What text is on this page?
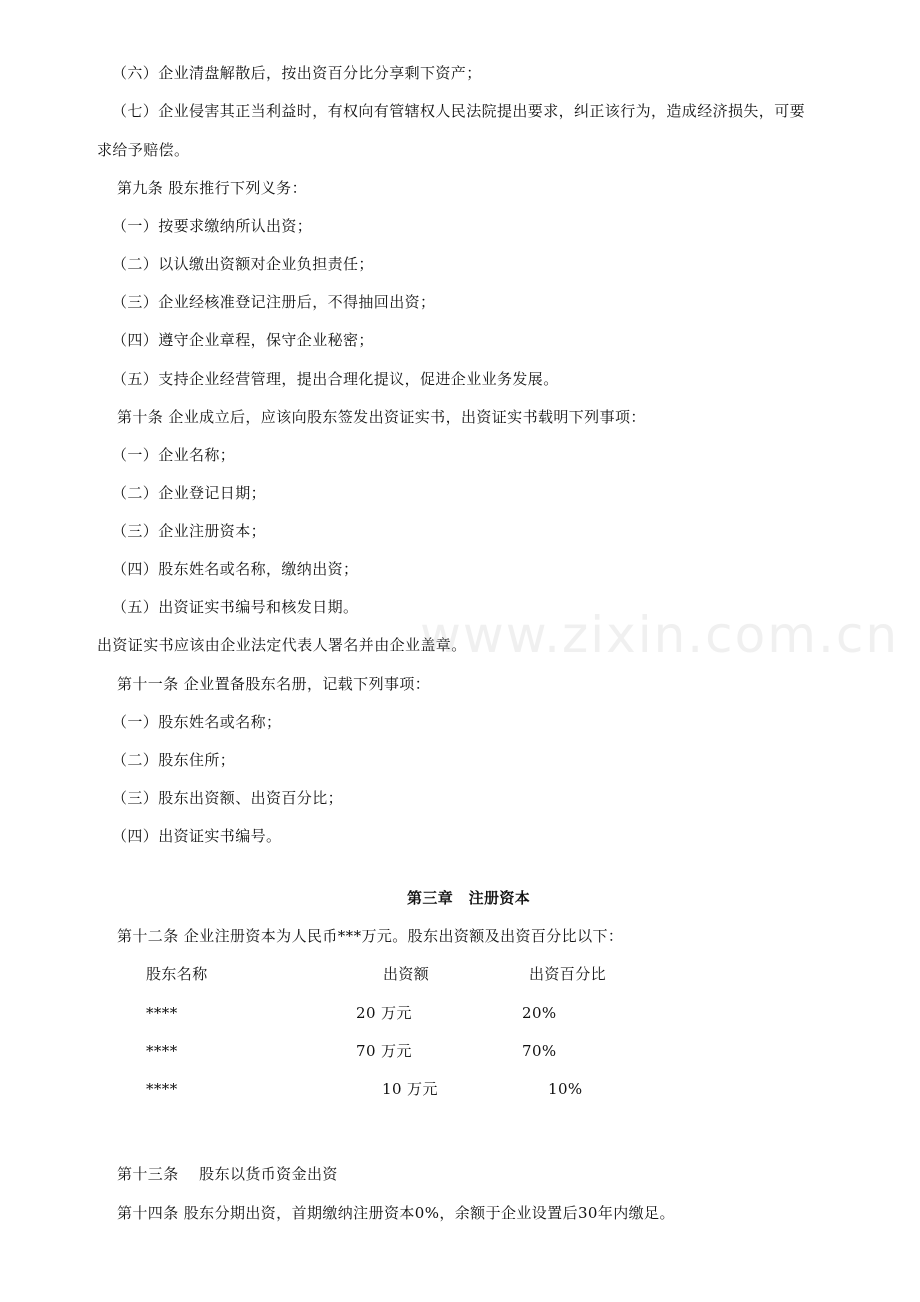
（六）企业清盘解散后，按出资百分比分享剩下资产；
（七）企业侵害其正当利益时，有权向有管辖权人民法院提出要求，纠正该行为，造成经济损失，可要
求给予赔偿。
第九条 股东推行下列义务：
（一）按要求缴纳所认出资；
（二）以认缴出资额对企业负担责任；
（三）企业经核准登记注册后，不得抽回出资；
（四）遵守企业章程，保守企业秘密；
（五）支持企业经营管理，提出合理化提议，促进企业业务发展。
第十条 企业成立后，应该向股东签发出资证实书，出资证实书载明下列事项：
（一）企业名称；
（二）企业登记日期；
（三）企业注册资本；
（四）股东姓名或名称，缴纳出资；
（五）出资证实书编号和核发日期。
出资证实书应该由企业法定代表人署名并由企业盖章。
第十一条 企业置备股东名册，记载下列事项：
（一）股东姓名或名称；
（二）股东住所；
（三）股东出资额、出资百分比；
（四）出资证实书编号。
第三章　注册资本
第十二条 企业注册资本为人民币***万元。股东出资额及出资百分比以下：
股东名称	出资额	出资百分比
****	20 万元	20%
****	70 万元	70%
****	10 万元	10%
第十三条　 股东以货币资金出资
第十四条 股东分期出资，首期缴纳注册资本0%，余额于企业设置后30年内缴足。
www.zixin.com.cn
